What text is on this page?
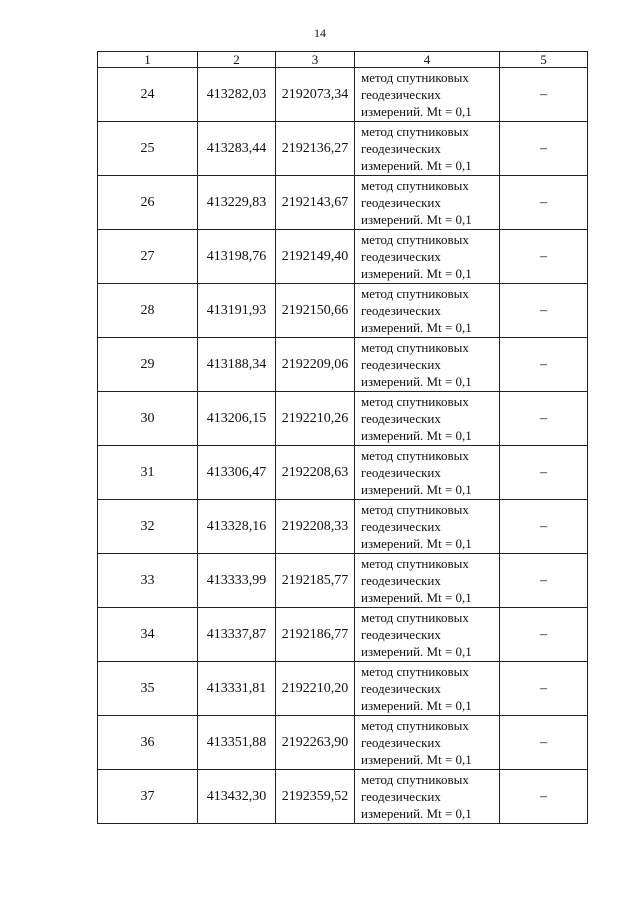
14
1	2	3	4	5
24	413282,03	2192073,34	метод спутниковых
геодезических
измерений. Mt = 0,1	–
25	413283,44	2192136,27	метод спутниковых
геодезических
измерений. Mt = 0,1	–
26	413229,83	2192143,67	метод спутниковых
геодезических
измерений. Mt = 0,1	–
27	413198,76	2192149,40	метод спутниковых
геодезических
измерений. Mt = 0,1	–
28	413191,93	2192150,66	метод спутниковых
геодезических
измерений. Mt = 0,1	–
29	413188,34	2192209,06	метод спутниковых
геодезических
измерений. Mt = 0,1	–
30	413206,15	2192210,26	метод спутниковых
геодезических
измерений. Mt = 0,1	–
31	413306,47	2192208,63	метод спутниковых
геодезических
измерений. Mt = 0,1	–
32	413328,16	2192208,33	метод спутниковых
геодезических
измерений. Mt = 0,1	–
33	413333,99	2192185,77	метод спутниковых
геодезических
измерений. Mt = 0,1	–
34	413337,87	2192186,77	метод спутниковых
геодезических
измерений. Mt = 0,1	–
35	413331,81	2192210,20	метод спутниковых
геодезических
измерений. Mt = 0,1	–
36	413351,88	2192263,90	метод спутниковых
геодезических
измерений. Mt = 0,1	–
37	413432,30	2192359,52	метод спутниковых
геодезических
измерений. Mt = 0,1	–
